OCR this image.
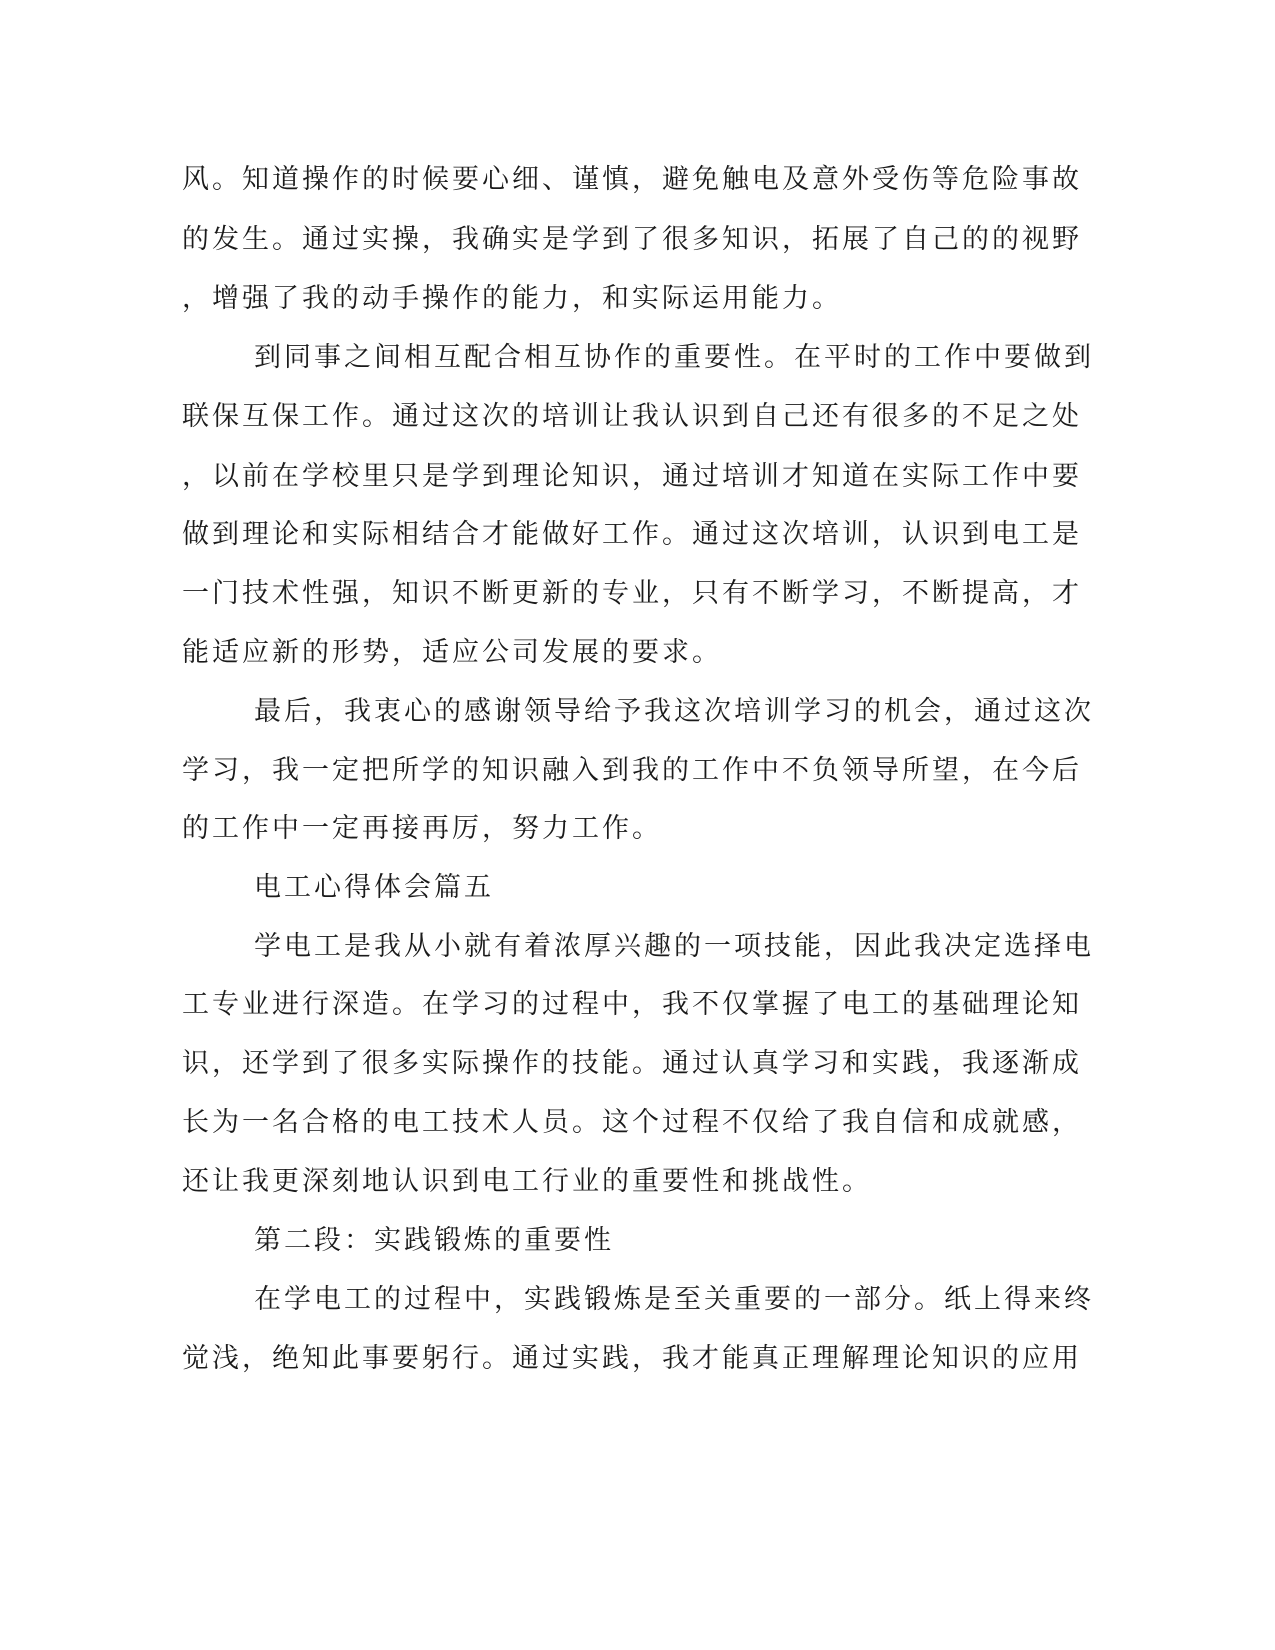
风。知道操作的时候要心细、谨慎，避免触电及意外受伤等危险事故
的发生。通过实操，我确实是学到了很多知识，拓展了自己的的视野
，增强了我的动手操作的能力，和实际运用能力。
到同事之间相互配合相互协作的重要性。在平时的工作中要做到
联保互保工作。通过这次的培训让我认识到自己还有很多的不足之处
，以前在学校里只是学到理论知识，通过培训才知道在实际工作中要
做到理论和实际相结合才能做好工作。通过这次培训，认识到电工是
一门技术性强，知识不断更新的专业，只有不断学习，不断提高，才
能适应新的形势，适应公司发展的要求。
最后，我衷心的感谢领导给予我这次培训学习的机会，通过这次
学习，我一定把所学的知识融入到我的工作中不负领导所望，在今后
的工作中一定再接再厉，努力工作。
电工心得体会篇五
学电工是我从小就有着浓厚兴趣的一项技能，因此我决定选择电
工专业进行深造。在学习的过程中，我不仅掌握了电工的基础理论知
识，还学到了很多实际操作的技能。通过认真学习和实践，我逐渐成
长为一名合格的电工技术人员。这个过程不仅给了我自信和成就感，
还让我更深刻地认识到电工行业的重要性和挑战性。
第二段：实践锻炼的重要性
在学电工的过程中，实践锻炼是至关重要的一部分。纸上得来终
觉浅，绝知此事要躬行。通过实践，我才能真正理解理论知识的应用
